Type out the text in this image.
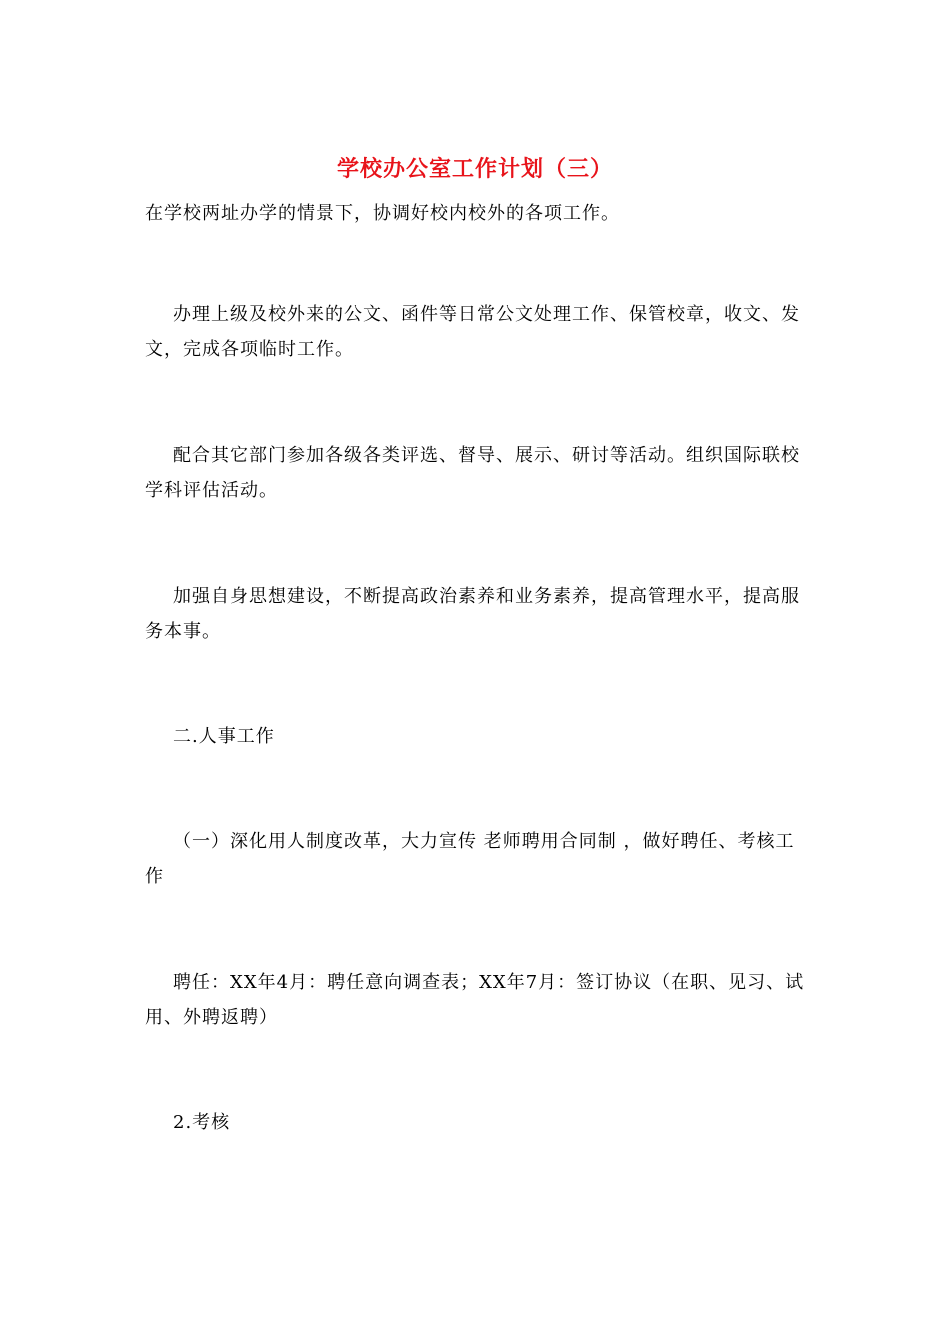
学校办公室工作计划（三）

在学校两址办学的情景下，协调好校内校外的各项工作。

办理上级及校外来的公文、函件等日常公文处理工作、保管校章，收文、发文，完成各项临时工作。

配合其它部门参加各级各类评选、督导、展示、研讨等活动。组织国际联校学科评估活动。

加强自身思想建设，不断提高政治素养和业务素养，提高管理水平，提高服务本事。

二.人事工作

（一）深化用人制度改革，大力宣传 老师聘用合同制 ，做好聘任、考核工作

聘任：XX年4月：聘任意向调查表；XX年7月：签订协议（在职、见习、试用、外聘返聘）

2.考核
